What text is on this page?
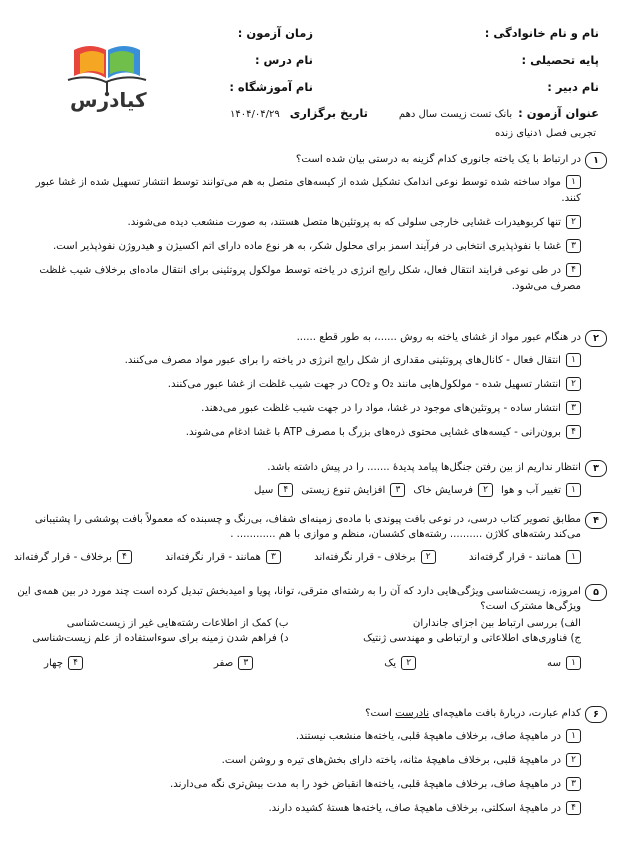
نام و نام خانوادگی :
پایه تحصیلی :
نام دبیر :
عنوان آزمون :بانک تست زیست سال دهم
تجربی فصل ۱دنیای زنده
زمان آزمون :
نام درس :
نام آموزشگاه :
تاریخ برگزاری۱۴۰۴/۰۴/۲۹
کیادرس
۱
در ارتباط با یک یاخته جانوری کدام گزینه به درستی بیان شده است؟
۱مواد ساخته شده توسط نوعی اندامک تشکیل شده از کیسه‌های متصل به هم می‌توانند توسط انتشار تسهیل شده از غشا عبور کنند.
۲تنها کربوهیدرات غشایی خارجی سلولی که به پروتئین‌ها متصل هستند، به صورت منشعب دیده می‌شوند.
۳غشا با نفوذپذیری انتخابی در فرآیند اسمز برای محلول شکر، به هر نوع ماده دارای اتم اکسیژن و هیدروژن نفوذپذیر است.
۴در طی نوعی فرایند انتقال فعال، شکل رایج انرژی در یاخته توسط مولکول پروتئینی برای انتقال ماده‌ای برخلاف شیب غلظت مصرف می‌شود.
۲
در هنگام عبور مواد از غشای یاخته به روش ......، به طور قطع ......
۱انتقال فعال - کانال‌های پروتئینی مقداری از شکل رایج انرژی در یاخته را برای عبور مواد مصرف می‌کنند.
۲انتشار تسهیل شده - مولکول‌هایی مانند O₂ و CO₂ در جهت شیب غلظت از غشا عبور می‌کنند.
۳انتشار ساده - پروتئین‌های موجود در غشا، مواد را در جهت شیب غلظت عبور می‌دهند.
۴برون‌رانی - کیسه‌های غشایی محتوی ذره‌های بزرگ با مصرف ATP با غشا ادغام می‌شوند.
۳
انتظار نداریم از بین رفتن جنگل‌ها پیامد پدیدهٔ ....... را در پیش داشته باشد.
۱تغییر آب و هوا
۲فرسایش خاک
۳افزایش تنوع زیستی
۴سیل
۴
مطابق تصویر کتاب درسی، در نوعی بافت پیوندی با ماده‌ی زمینه‌ای شفاف، بی‌رنگ و چسبنده که معمولاً بافت پوششی را پشتیبانی می‌کند رشته‌های کلاژن .......... رشته‌های کشسان، منظم و موازی با هم ............ .
۱همانند - قرار گرفته‌اند
۲برخلاف - قرار نگرفته‌اند
۳همانند - قرار نگرفته‌اند
۴برخلاف - قرار گرفته‌اند
۵
امروزه، زیست‌شناسی ویژگی‌هایی دارد که آن را به رشته‌ای مترقی، توانا، پویا و امیدبخش تبدیل کرده است چند مورد در بین همه‌ی این ویژگی‌ها مشترک است؟
الف) بررسی ارتباط بین اجزای جانداران
ب) کمک از اطلاعات رشته‌هایی غیر از زیست‌شناسی
ج) فناوری‌های اطلاعاتی و ارتباطی و مهندسی ژنتیک
د) فراهم شدن زمینه برای سوءاستفاده از علم زیست‌شناسی
۱سه
۲یک
۳صفر
۴چهار
۶
کدام عبارت، دربارهٔ بافت ماهیچه‌ای نادرست است؟
۱در ماهیچهٔ صاف، برخلاف ماهیچهٔ قلبی، یاخته‌ها منشعب نیستند.
۲در ماهیچهٔ قلبی، برخلاف ماهیچهٔ مثانه، یاخته دارای بخش‌های تیره و روشن است.
۳در ماهیچهٔ صاف، برخلاف ماهیچهٔ قلبی، یاخته‌ها انقباض خود را به مدت بیش‌تری نگه می‌دارند.
۴در ماهیچهٔ اسکلتی، برخلاف ماهیچهٔ صاف، یاخته‌ها هستهٔ کشیده دارند.
